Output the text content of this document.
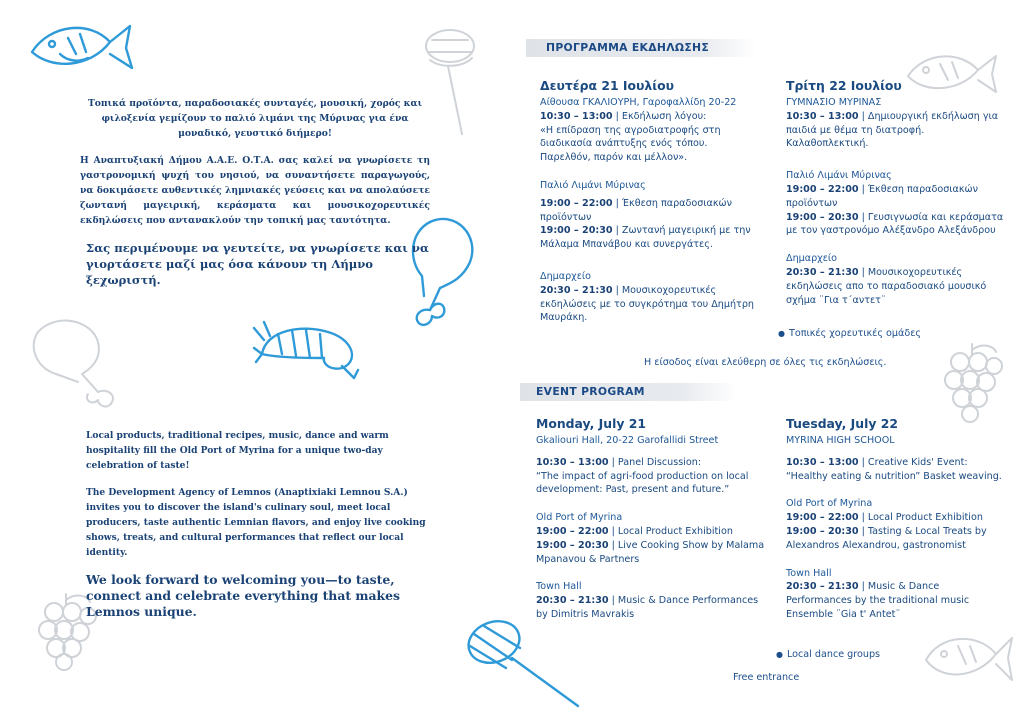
Τοπικά προϊόντα, παραδοσιακές συνταγές, μουσική, χορός και φιλοξενία γεμίζουν το παλιό λιμάνι της Μύρινας για ένα μοναδικό, γευστικό διήμερο!

Η Αναπτυξιακή Δήμου Α.Α.Ε. Ο.Τ.Α. σας καλεί να γνωρίσετε τη γαστρονομική ψυχή του νησιού, να συναντήσετε παραγωγούς, να δοκιμάσετε αυθεντικές λημνιακές γεύσεις και να απολαύσετε ζωντανή μαγειρική, κεράσματα και μουσικοχορευτικές εκδηλώσεις που αντανακλούν την τοπική μας ταυτότητα.

Σας περιμένουμε να γευτείτε, να γνωρίσετε και να γιορτάσετε μαζί μας όσα κάνουν τη Λήμνο ξεχωριστή.

Local products, traditional recipes, music, dance and warm hospitality fill the Old Port of Myrina for a unique two-day celebration of taste!

The Development Agency of Lemnos (Anaptixiaki Lemnou S.A.) invites you to discover the island's culinary soul, meet local producers, taste authentic Lemnian flavors, and enjoy live cooking shows, treats, and cultural performances that reflect our local identity.

We look forward to welcoming you—to taste, connect and celebrate everything that makes Lemnos unique.

ΠΡΟΓΡΑΜΜΑ ΕΚΔΗΛΩΣΗΣ
Δευτέρα 21 Ιουλίου
Αίθουσα ΓΚΑΛΙΟΥΡΗ, Γαροφαλλίδη 20-22
10:30 – 13:00 | Εκδήλωση λόγου:
«Η επίδραση της αγροδιατροφής στη διαδικασία ανάπτυξης ενός τόπου. Παρελθόν, παρόν και μέλλον».
Παλιό Λιμάνι Μύρινας
19:00 – 22:00 | Έκθεση παραδοσιακών προϊόντων
19:00 – 20:30 | Ζωντανή μαγειρική με την Μάλαμα Μπανάβου και συνεργάτες.
Δημαρχείο
20:30 – 21:30 | Μουσικοχορευτικές εκδηλώσεις με το συγκρότημα του Δημήτρη Μαυράκη.
Τρίτη 22 Ιουλίου
ΓΥΜΝΑΣΙΟ ΜΥΡΙΝΑΣ
10:30 – 13:00 | Δημιουργική εκδήλωση για παιδιά με θέμα τη διατροφή. Καλαθοπλεκτική.
Παλιό Λιμάνι Μύρινας
19:00 – 22:00 | Έκθεση παραδοσιακών προϊόντων
19:00 – 20:30 | Γευσιγνωσία και κεράσματα με τον γαστρονόμο Αλέξανδρο Αλεξάνδρου
Δημαρχείο
20:30 – 21:30 | Μουσικοχορευτικές εκδηλώσεις απο το παραδοσιακό μουσικό σχήμα ¨Για τ΄αντετ¨
● Τοπικές χορευτικές ομάδες
Η είσοδος είναι ελεύθερη σε όλες τις εκδηλώσεις.
EVENT PROGRAM
Monday, July 21
Gkaliouri Hall, 20-22 Garofallidi Street
10:30 – 13:00 | Panel Discussion:
“The impact of agri-food production on local development: Past, present and future.”
Old Port of Myrina
19:00 – 22:00 | Local Product Exhibition
19:00 – 20:30 | Live Cooking Show by Malama Mpanavou & Partners
Town Hall
20:30 – 21:30 | Music & Dance Performances by Dimitris Mavrakis
Tuesday, July 22
MYRINA HIGH SCHOOL
10:30 – 13:00 | Creative Kids' Event: “Healthy eating & nutrition” Basket weaving.
Old Port of Myrina
19:00 – 22:00 | Local Product Exhibition
19:00 – 20:30 | Tasting & Local Treats by Alexandros Alexandrou, gastronomist
Town Hall
20:30 – 21:30 | Music & Dance Performances by the traditional music Ensemble ¨Gia t' Antet¨
● Local dance groups
Free entrance
